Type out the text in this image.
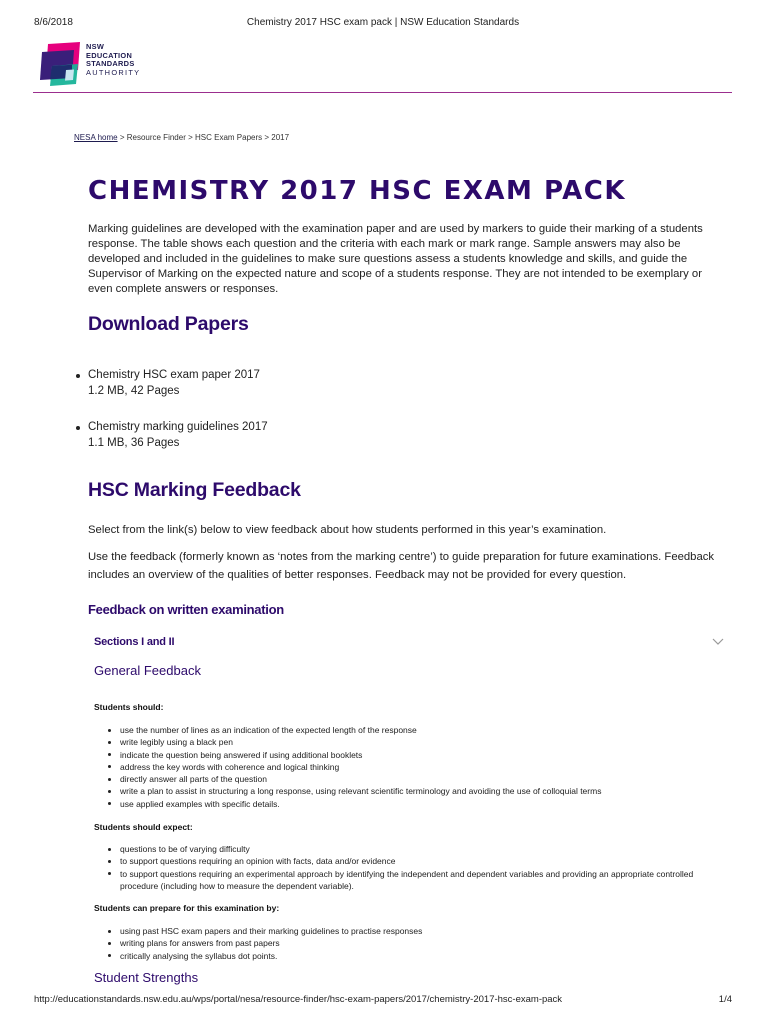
8/6/2018	Chemistry 2017 HSC exam pack | NSW Education Standards
NSW
EDUCATION
STANDARDS
AUTHORITY
NESA home > Resource Finder > HSC Exam Papers > 2017
CHEMISTRY 2017 HSC EXAM PACK

Marking guidelines are developed with the examination paper and are used by markers to guide their marking of a students response. The table shows each question and the criteria with each mark or mark range. Sample answers may also be developed and included in the guidelines to make sure questions assess a students knowledge and skills, and guide the Supervisor of Marking on the expected nature and scope of a students response. They are not intended to be exemplary or even complete answers or responses.

Download Papers
Chemistry HSC exam paper 2017
1.2 MB, 42 Pages
Chemistry marking guidelines 2017
1.1 MB, 36 Pages
HSC Marking Feedback

Select from the link(s) below to view feedback about how students performed in this year’s examination.

Use the feedback (formerly known as ‘notes from the marking centre’) to guide preparation for future examinations. Feedback includes an overview of the qualities of better responses. Feedback may not be provided for every question.

Feedback on written examination
Sections I and II
General Feedback
Students should:
use the number of lines as an indication of the expected length of the response
write legibly using a black pen
indicate the question being answered if using additional booklets
address the key words with coherence and logical thinking
directly answer all parts of the question
write a plan to assist in structuring a long response, using relevant scientific terminology and avoiding the use of colloquial terms
use applied examples with specific details.
Students should expect:
questions to be of varying difficulty
to support questions requiring an opinion with facts, data and/or evidence
to support questions requiring an experimental approach by identifying the independent and dependent variables and providing an appropriate controlled procedure (including how to measure the dependent variable).
Students can prepare for this examination by:
using past HSC exam papers and their marking guidelines to practise responses
writing plans for answers from past papers
critically analysing the syllabus dot points.
Student Strengths
http://educationstandards.nsw.edu.au/wps/portal/nesa/resource-finder/hsc-exam-papers/2017/chemistry-2017-hsc-exam-pack	1/4
